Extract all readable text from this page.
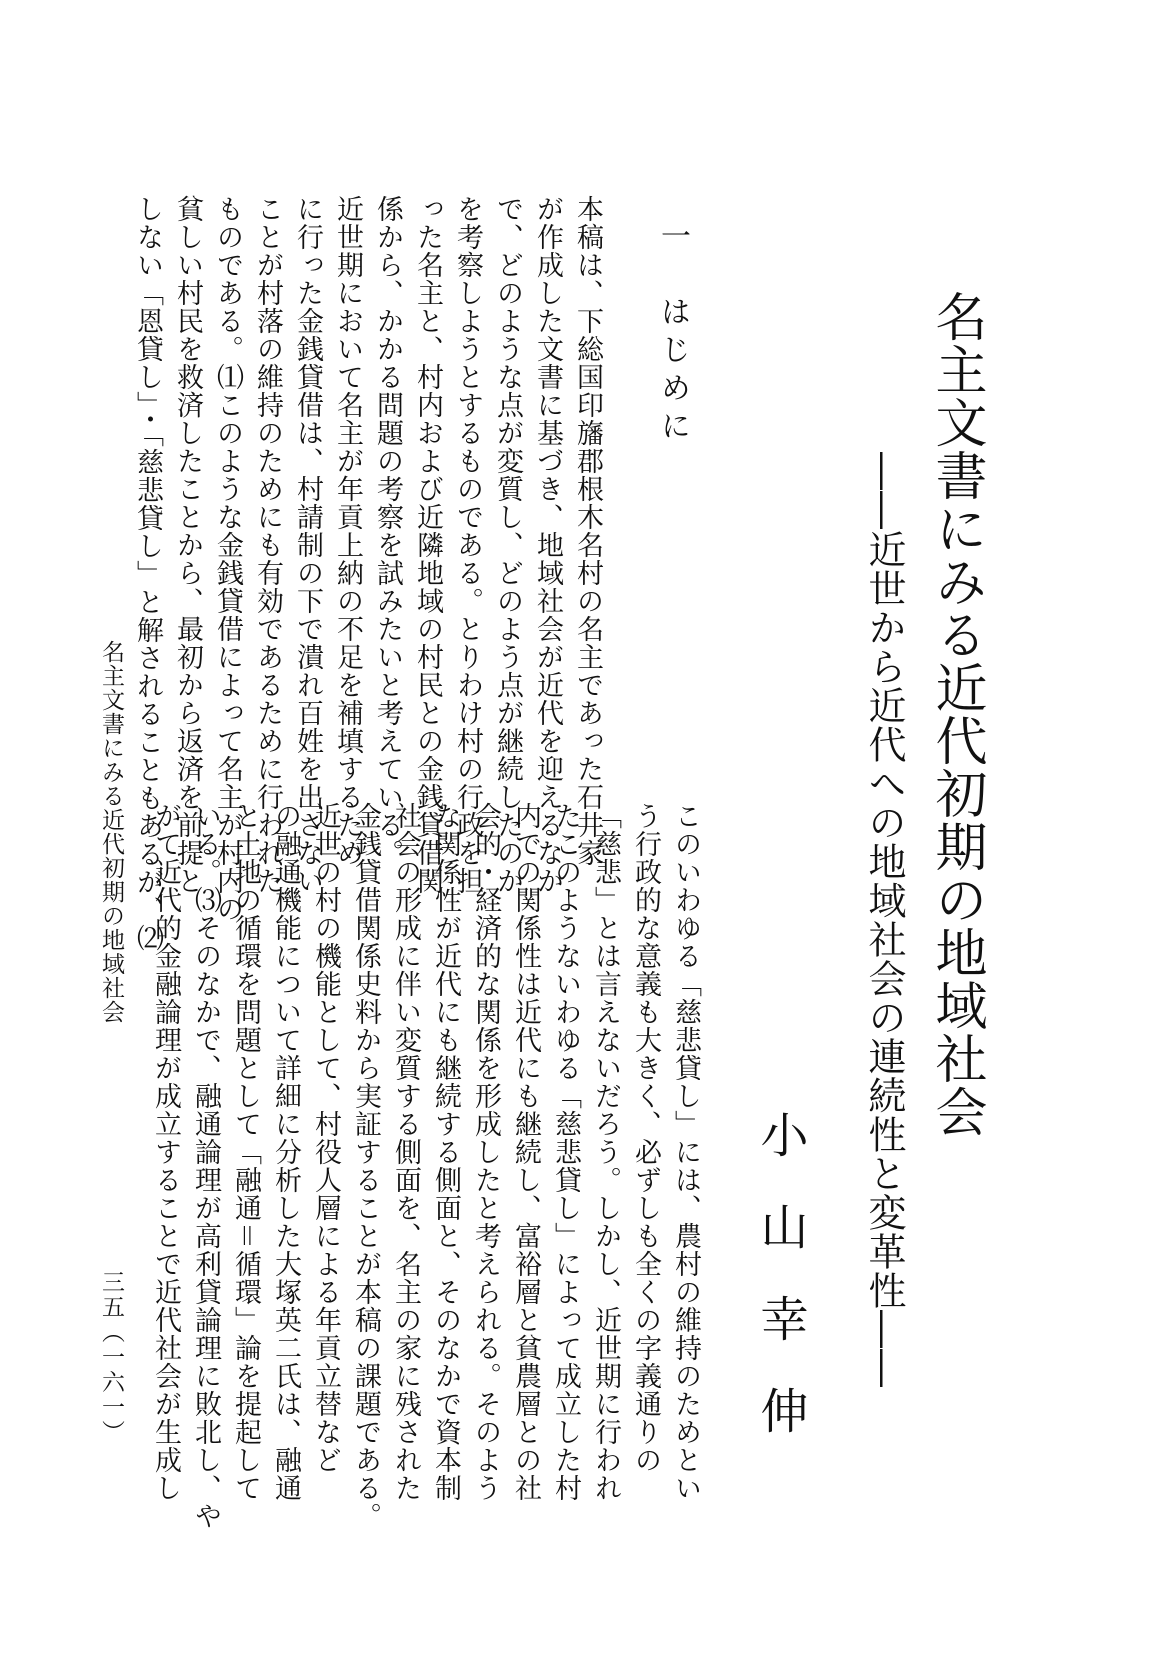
名主文書にみる近代初期の地域社会
――近世から近代への地域社会の連続性と変革性――
小山幸伸
一　はじめに

本稿は、下総国印旛郡根木名村の名主であった石井家

が作成した文書に基づき、地域社会が近代を迎えるなか

で、どのような点が変質し、どのよう点が継続したのか

を考察しようとするものである。とりわけ村の行政を担

った名主と、村内および近隣地域の村民との金銭貸借関

係から、かかる問題の考察を試みたいと考えている。

近世期において名主が年貢上納の不足を補填するため

に行った金銭貸借は、村請制の下で潰れ百姓を出さない

ことが村落の維持のためにも有効であるために行われた

ものである。⑴このような金銭貸借によって名主が村内の

貧しい村民を救済したことから、最初から返済を前提と

しない「恩貸し」・「慈悲貸し」と解されることもあるが、⑵

このいわゆる「慈悲貸し」には、農村の維持のためとい

う行政的な意義も大きく、必ずしも全くの字義通りの

「慈悲」とは言えないだろう。しかし、近世期に行われ

たこのようないわゆる「慈悲貸し」によって成立した村

内での関係性は近代にも継続し、富裕層と貧農層との社

会的・経済的な関係を形成したと考えられる。そのよう

な関係性が近代にも継続する側面と、そのなかで資本制

社会の形成に伴い変質する側面を、名主の家に残された

金銭貸借関係史料から実証することが本稿の課題である。

近世の村の機能として、村役人層による年貢立替など

の融通機能について詳細に分析した大塚英二氏は、融通

と土地の循環を問題として「融通＝循環」論を提起して

いる。⑶そのなかで、融通論理が高利貸論理に敗北し、や

がて近代的金融論理が成立することで近代社会が生成し

名主文書にみる近代初期の地域社会
三五（一六一）
